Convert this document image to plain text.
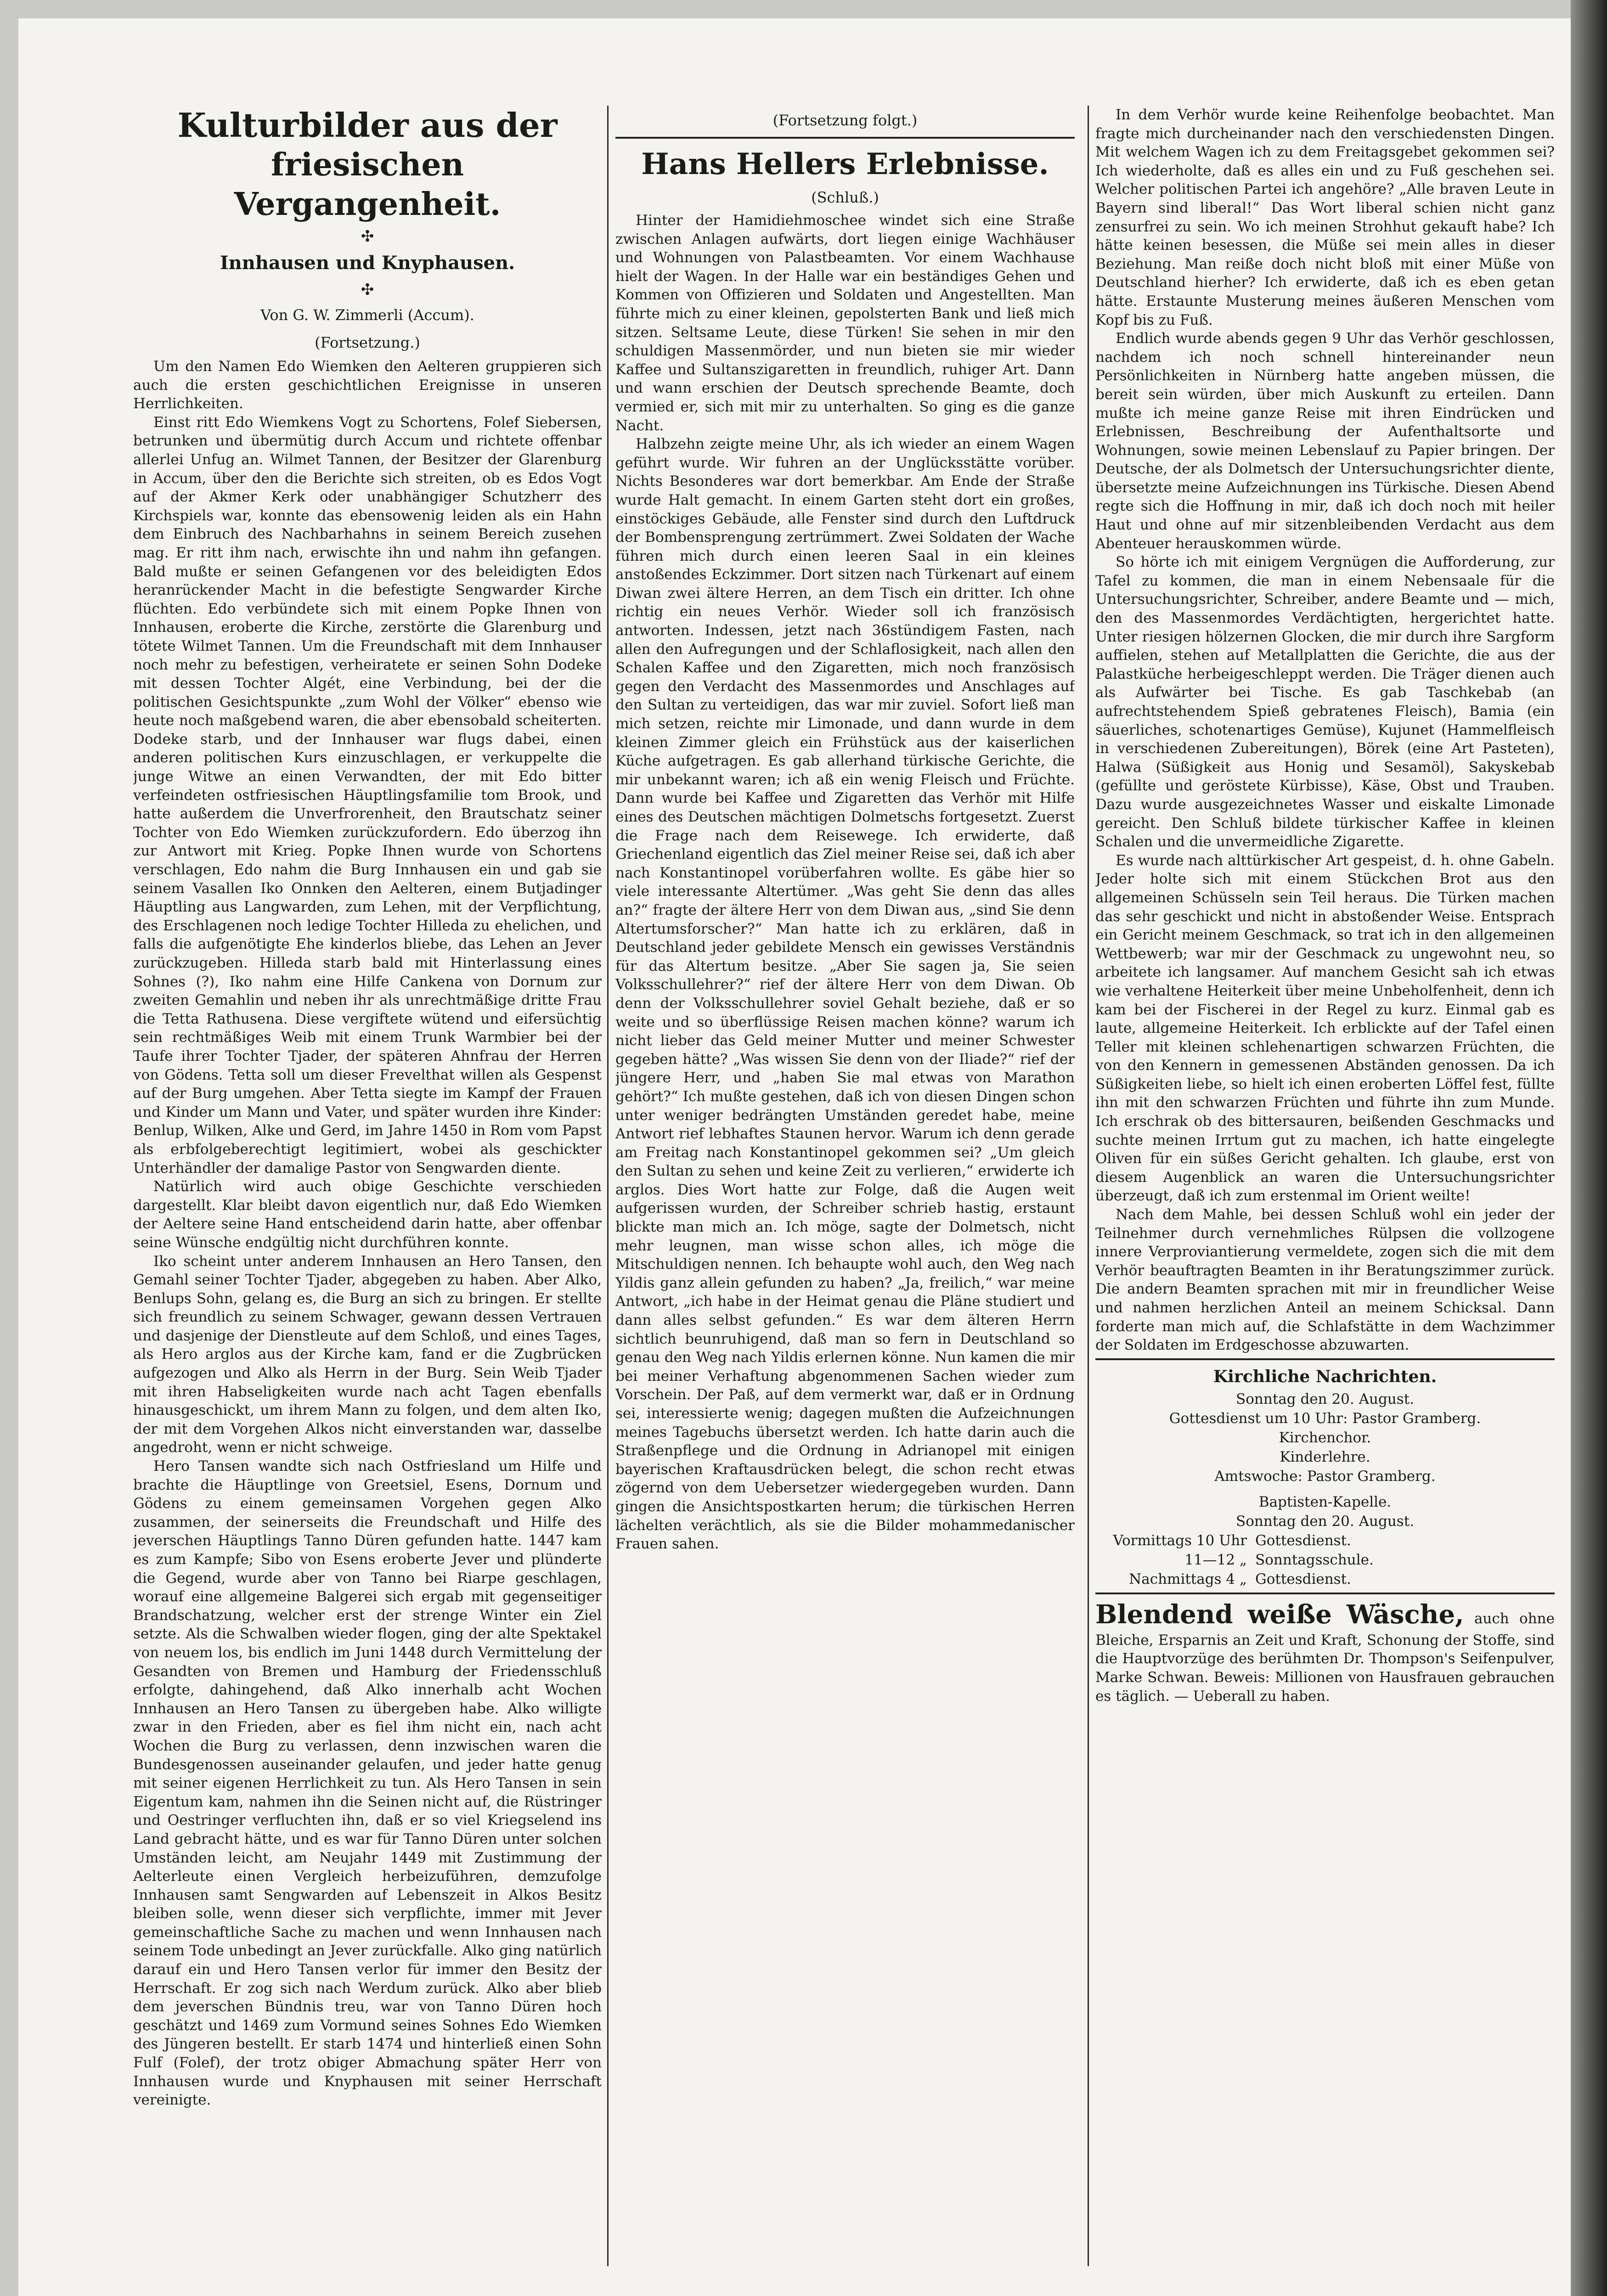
Kulturbilder aus der

friesischen Vergangenheit.

✣

Innhausen und Knyphausen.

✣

Von G. W. Zimmerli (Accum).

(Fortsetzung.)

Um den Namen Edo Wiemken den Aelteren gruppieren sich auch die ersten geschichtlichen Ereignisse in unseren Herrlichkeiten.

Einst ritt Edo Wiemkens Vogt zu Schortens, Folef Siebersen, betrunken und übermütig durch Accum und richtete offenbar allerlei Unfug an. Wilmet Tannen, der Besitzer der Glarenburg in Accum, über den die Berichte sich streiten, ob es Edos Vogt auf der Akmer Kerk oder unabhängiger Schutzherr des Kirchspiels war, konnte das ebensowenig leiden als ein Hahn dem Einbruch des Nachbarhahns in seinem Bereich zusehen mag. Er ritt ihm nach, erwischte ihn und nahm ihn gefangen. Bald mußte er seinen Gefangenen vor des beleidigten Edos heranrückender Macht in die befestigte Sengwarder Kirche flüchten. Edo verbündete sich mit einem Popke Ihnen von Innhausen, eroberte die Kirche, zerstörte die Glarenburg und tötete Wilmet Tannen. Um die Freundschaft mit dem Innhauser noch mehr zu befestigen, verheiratete er seinen Sohn Dodeke mit dessen Tochter Algét, eine Verbindung, bei der die politischen Gesichtspunkte „zum Wohl der Völker“ ebenso wie heute noch maßgebend waren, die aber ebensobald scheiterten. Dodeke starb, und der Innhauser war flugs dabei, einen anderen politischen Kurs einzuschlagen, er verkuppelte die junge Witwe an einen Verwandten, der mit Edo bitter verfeindeten ostfriesischen Häuptlingsfamilie tom Brook, und hatte außerdem die Unverfrorenheit, den Brautschatz seiner Tochter von Edo Wiemken zurückzufordern. Edo überzog ihn zur Antwort mit Krieg. Popke Ihnen wurde von Schortens verschlagen, Edo nahm die Burg Innhausen ein und gab sie seinem Vasallen Iko Onnken den Aelteren, einem Butjadinger Häuptling aus Langwarden, zum Lehen, mit der Verpflichtung, des Erschlagenen noch ledige Tochter Hilleda zu ehelichen, und falls die aufgenötigte Ehe kinderlos bliebe, das Lehen an Jever zurückzugeben. Hilleda starb bald mit Hinterlassung eines Sohnes (?), Iko nahm eine Hilfe Cankena von Dornum zur zweiten Gemahlin und neben ihr als unrechtmäßige dritte Frau die Tetta Rathusena. Diese vergiftete wütend und eifersüchtig sein rechtmäßiges Weib mit einem Trunk Warmbier bei der Taufe ihrer Tochter Tjader, der späteren Ahnfrau der Herren von Gödens. Tetta soll um dieser Frevelthat willen als Gespenst auf der Burg umgehen. Aber Tetta siegte im Kampf der Frauen und Kinder um Mann und Vater, und später wurden ihre Kinder: Benlup, Wilken, Alke und Gerd, im Jahre 1450 in Rom vom Papst als erbfolgeberechtigt legitimiert, wobei als geschickter Unterhändler der damalige Pastor von Sengwarden diente.

Natürlich wird auch obige Geschichte verschieden dargestellt. Klar bleibt davon eigentlich nur, daß Edo Wiemken der Aeltere seine Hand entscheidend darin hatte, aber offenbar seine Wünsche endgültig nicht durchführen konnte.

Iko scheint unter anderem Innhausen an Hero Tansen, den Gemahl seiner Tochter Tjader, abgegeben zu haben. Aber Alko, Benlups Sohn, gelang es, die Burg an sich zu bringen. Er stellte sich freundlich zu seinem Schwager, gewann dessen Vertrauen und dasjenige der Dienstleute auf dem Schloß, und eines Tages, als Hero arglos aus der Kirche kam, fand er die Zugbrücken aufgezogen und Alko als Herrn in der Burg. Sein Weib Tjader mit ihren Habseligkeiten wurde nach acht Tagen ebenfalls hinausgeschickt, um ihrem Mann zu folgen, und dem alten Iko, der mit dem Vorgehen Alkos nicht einverstanden war, dasselbe angedroht, wenn er nicht schweige.

Hero Tansen wandte sich nach Ostfriesland um Hilfe und brachte die Häuptlinge von Greetsiel, Esens, Dornum und Gödens zu einem gemeinsamen Vorgehen gegen Alko zusammen, der seinerseits die Freundschaft und Hilfe des jeverschen Häuptlings Tanno Düren gefunden hatte. 1447 kam es zum Kampfe; Sibo von Esens eroberte Jever und plünderte die Gegend, wurde aber von Tanno bei Riarpe geschlagen, worauf eine allgemeine Balgerei sich ergab mit gegenseitiger Brandschatzung, welcher erst der strenge Winter ein Ziel setzte. Als die Schwalben wieder flogen, ging der alte Spektakel von neuem los, bis endlich im Juni 1448 durch Vermittelung der Gesandten von Bremen und Hamburg der Friedensschluß erfolgte, dahingehend, daß Alko innerhalb acht Wochen Innhausen an Hero Tansen zu übergeben habe. Alko willigte zwar in den Frieden, aber es fiel ihm nicht ein, nach acht Wochen die Burg zu verlassen, denn inzwischen waren die Bundesgenossen auseinander gelaufen, und jeder hatte genug mit seiner eigenen Herrlichkeit zu tun. Als Hero Tansen in sein Eigentum kam, nahmen ihn die Seinen nicht auf, die Rüstringer und Oestringer verfluchten ihn, daß er so viel Kriegselend ins Land gebracht hätte, und es war für Tanno Düren unter solchen Umständen leicht, am Neujahr 1449 mit Zustimmung der Aelterleute einen Vergleich herbeizuführen, demzufolge Innhausen samt Sengwarden auf Lebenszeit in Alkos Besitz bleiben solle, wenn dieser sich verpflichte, immer mit Jever gemeinschaftliche Sache zu machen und wenn Innhausen nach seinem Tode unbedingt an Jever zurückfalle. Alko ging natürlich darauf ein und Hero Tansen verlor für immer den Besitz der Herrschaft. Er zog sich nach Werdum zurück. Alko aber blieb dem jeverschen Bündnis treu, war von Tanno Düren hoch geschätzt und 1469 zum Vormund seines Sohnes Edo Wiemken des Jüngeren bestellt. Er starb 1474 und hinterließ einen Sohn Fulf (Folef), der trotz obiger Abmachung später Herr von Innhausen wurde und Knyphausen mit seiner Herrschaft vereinigte.

(Fortsetzung folgt.)

Hans Hellers Erlebnisse.

(Schluß.)

Hinter der Hamidiehmoschee windet sich eine Straße zwischen Anlagen aufwärts, dort liegen einige Wachhäuser und Wohnungen von Palastbeamten. Vor einem Wachhause hielt der Wagen. In der Halle war ein beständiges Gehen und Kommen von Offizieren und Soldaten und Angestellten. Man führte mich zu einer kleinen, gepolsterten Bank und ließ mich sitzen. Seltsame Leute, diese Türken! Sie sehen in mir den schuldigen Massenmörder, und nun bieten sie mir wieder Kaffee und Sultanszigaretten in freundlich, ruhiger Art. Dann und wann erschien der Deutsch sprechende Beamte, doch vermied er, sich mit mir zu unterhalten. So ging es die ganze Nacht.

Halbzehn zeigte meine Uhr, als ich wieder an einem Wagen geführt wurde. Wir fuhren an der Unglücksstätte vorüber. Nichts Besonderes war dort bemerkbar. Am Ende der Straße wurde Halt gemacht. In einem Garten steht dort ein großes, einstöckiges Gebäude, alle Fenster sind durch den Luftdruck der Bombensprengung zertrümmert. Zwei Soldaten der Wache führen mich durch einen leeren Saal in ein kleines anstoßendes Eckzimmer. Dort sitzen nach Türkenart auf einem Diwan zwei ältere Herren, an dem Tisch ein dritter. Ich ohne richtig ein neues Verhör. Wieder soll ich französisch antworten. Indessen, jetzt nach 36stündigem Fasten, nach allen den Aufregungen und der Schlaflosigkeit, nach allen den Schalen Kaffee und den Zigaretten, mich noch französisch gegen den Verdacht des Massenmordes und Anschlages auf den Sultan zu verteidigen, das war mir zuviel. Sofort ließ man mich setzen, reichte mir Limonade, und dann wurde in dem kleinen Zimmer gleich ein Frühstück aus der kaiserlichen Küche aufgetragen. Es gab allerhand türkische Gerichte, die mir unbekannt waren; ich aß ein wenig Fleisch und Früchte. Dann wurde bei Kaffee und Zigaretten das Verhör mit Hilfe eines des Deutschen mächtigen Dolmetschs fortgesetzt. Zuerst die Frage nach dem Reisewege. Ich erwiderte, daß Griechenland eigentlich das Ziel meiner Reise sei, daß ich aber nach Konstantinopel vorüberfahren wollte. Es gäbe hier so viele interessante Altertümer. „Was geht Sie denn das alles an?“ fragte der ältere Herr von dem Diwan aus, „sind Sie denn Altertumsforscher?“ Man hatte ich zu erklären, daß in Deutschland jeder gebildete Mensch ein gewisses Verständnis für das Altertum besitze. „Aber Sie sagen ja, Sie seien Volksschullehrer?“ rief der ältere Herr von dem Diwan. Ob denn der Volksschullehrer soviel Gehalt beziehe, daß er so weite und so überflüssige Reisen machen könne? warum ich nicht lieber das Geld meiner Mutter und meiner Schwester gegeben hätte? „Was wissen Sie denn von der Iliade?“ rief der jüngere Herr, und „haben Sie mal etwas von Marathon gehört?“ Ich mußte gestehen, daß ich von diesen Dingen schon unter weniger bedrängten Umständen geredet habe, meine Antwort rief lebhaftes Staunen hervor. Warum ich denn gerade am Freitag nach Konstantinopel gekommen sei? „Um gleich den Sultan zu sehen und keine Zeit zu verlieren,“ erwiderte ich arglos. Dies Wort hatte zur Folge, daß die Augen weit aufgerissen wurden, der Schreiber schrieb hastig, erstaunt blickte man mich an. Ich möge, sagte der Dolmetsch, nicht mehr leugnen, man wisse schon alles, ich möge die Mitschuldigen nennen. Ich behaupte wohl auch, den Weg nach Yildis ganz allein gefunden zu haben? „Ja, freilich,“ war meine Antwort, „ich habe in der Heimat genau die Pläne studiert und dann alles selbst gefunden.“ Es war dem älteren Herrn sichtlich beunruhigend, daß man so fern in Deutschland so genau den Weg nach Yildis erlernen könne. Nun kamen die mir bei meiner Verhaftung abgenommenen Sachen wieder zum Vorschein. Der Paß, auf dem vermerkt war, daß er in Ordnung sei, interessierte wenig; dagegen mußten die Aufzeichnungen meines Tagebuchs übersetzt werden. Ich hatte darin auch die Straßenpflege und die Ordnung in Adrianopel mit einigen bayerischen Kraftausdrücken belegt, die schon recht etwas zögernd von dem Uebersetzer wiedergegeben wurden. Dann gingen die Ansichtspostkarten herum; die türkischen Herren lächelten verächtlich, als sie die Bilder mohammedanischer Frauen sahen.

In dem Verhör wurde keine Reihenfolge beobachtet. Man fragte mich durcheinander nach den verschiedensten Dingen. Mit welchem Wagen ich zu dem Freitagsgebet gekommen sei? Ich wiederholte, daß es alles ein und zu Fuß geschehen sei. Welcher politischen Partei ich angehöre? „Alle braven Leute in Bayern sind liberal!“ Das Wort liberal schien nicht ganz zensurfrei zu sein. Wo ich meinen Strohhut gekauft habe? Ich hätte keinen besessen, die Müße sei mein alles in dieser Beziehung. Man reiße doch nicht bloß mit einer Müße von Deutschland hierher? Ich erwiderte, daß ich es eben getan hätte. Erstaunte Musterung meines äußeren Menschen vom Kopf bis zu Fuß.

Endlich wurde abends gegen 9 Uhr das Verhör geschlossen, nachdem ich noch schnell hintereinander neun Persönlichkeiten in Nürnberg hatte angeben müssen, die bereit sein würden, über mich Auskunft zu erteilen. Dann mußte ich meine ganze Reise mit ihren Eindrücken und Erlebnissen, Beschreibung der Aufenthaltsorte und Wohnungen, sowie meinen Lebenslauf zu Papier bringen. Der Deutsche, der als Dolmetsch der Untersuchungsrichter diente, übersetzte meine Aufzeichnungen ins Türkische. Diesen Abend regte sich die Hoffnung in mir, daß ich doch noch mit heiler Haut und ohne auf mir sitzenbleibenden Verdacht aus dem Abenteuer herauskommen würde.

So hörte ich mit einigem Vergnügen die Aufforderung, zur Tafel zu kommen, die man in einem Nebensaale für die Untersuchungsrichter, Schreiber, andere Beamte und — mich, den des Massenmordes Verdächtigten, hergerichtet hatte. Unter riesigen hölzernen Glocken, die mir durch ihre Sargform auffielen, stehen auf Metallplatten die Gerichte, die aus der Palastküche herbeigeschleppt werden. Die Träger dienen auch als Aufwärter bei Tische. Es gab Taschkebab (an aufrechtstehendem Spieß gebratenes Fleisch), Bamia (ein säuerliches, schotenartiges Gemüse), Kujunet (Hammelfleisch in verschiedenen Zubereitungen), Börek (eine Art Pasteten), Halwa (Süßigkeit aus Honig und Sesamöl), Sakyskebab (gefüllte und geröstete Kürbisse), Käse, Obst und Trauben. Dazu wurde ausgezeichnetes Wasser und eiskalte Limonade gereicht. Den Schluß bildete türkischer Kaffee in kleinen Schalen und die unvermeidliche Zigarette.

Es wurde nach alttürkischer Art gespeist, d. h. ohne Gabeln. Jeder holte sich mit einem Stückchen Brot aus den allgemeinen Schüsseln sein Teil heraus. Die Türken machen das sehr geschickt und nicht in abstoßender Weise. Entsprach ein Gericht meinem Geschmack, so trat ich in den allgemeinen Wettbewerb; war mir der Geschmack zu ungewohnt neu, so arbeitete ich langsamer. Auf manchem Gesicht sah ich etwas wie verhaltene Heiterkeit über meine Unbeholfenheit, denn ich kam bei der Fischerei in der Regel zu kurz. Einmal gab es laute, allgemeine Heiterkeit. Ich erblickte auf der Tafel einen Teller mit kleinen schlehenartigen schwarzen Früchten, die von den Kennern in gemessenen Abständen genossen. Da ich Süßigkeiten liebe, so hielt ich einen eroberten Löffel fest, füllte ihn mit den schwarzen Früchten und führte ihn zum Munde. Ich erschrak ob des bittersauren, beißenden Geschmacks und suchte meinen Irrtum gut zu machen, ich hatte eingelegte Oliven für ein süßes Gericht gehalten. Ich glaube, erst von diesem Augenblick an waren die Untersuchungsrichter überzeugt, daß ich zum erstenmal im Orient weilte!

Nach dem Mahle, bei dessen Schluß wohl ein jeder der Teilnehmer durch vernehmliches Rülpsen die vollzogene innere Verproviantierung vermeldete, zogen sich die mit dem Verhör beauftragten Beamten in ihr Beratungszimmer zurück. Die andern Beamten sprachen mit mir in freundlicher Weise und nahmen herzlichen Anteil an meinem Schicksal. Dann forderte man mich auf, die Schlafstätte in dem Wachzimmer der Soldaten im Erdgeschosse abzuwarten.

Kirchliche Nachrichten.

Sonntag den 20. August.

Gottesdienst um 10 Uhr: Pastor Gramberg.

Kirchenchor.

Kinderlehre.

Amtswoche: Pastor Gramberg.

Baptisten-Kapelle.

Sonntag den 20. August.

Vormittags 10 Uhr Gottesdienst.
11—12 „ Sonntagsschule.
Nachmittags 4 „ Gottesdienst.

Blendend weiße Wäsche, auch ohne Bleiche, Ersparnis an Zeit und Kraft, Schonung der Stoffe, sind die Hauptvorzüge des berühmten Dr. Thompson's Seifenpulver, Marke Schwan. Beweis: Millionen von Hausfrauen gebrauchen es täglich. — Ueberall zu haben.
